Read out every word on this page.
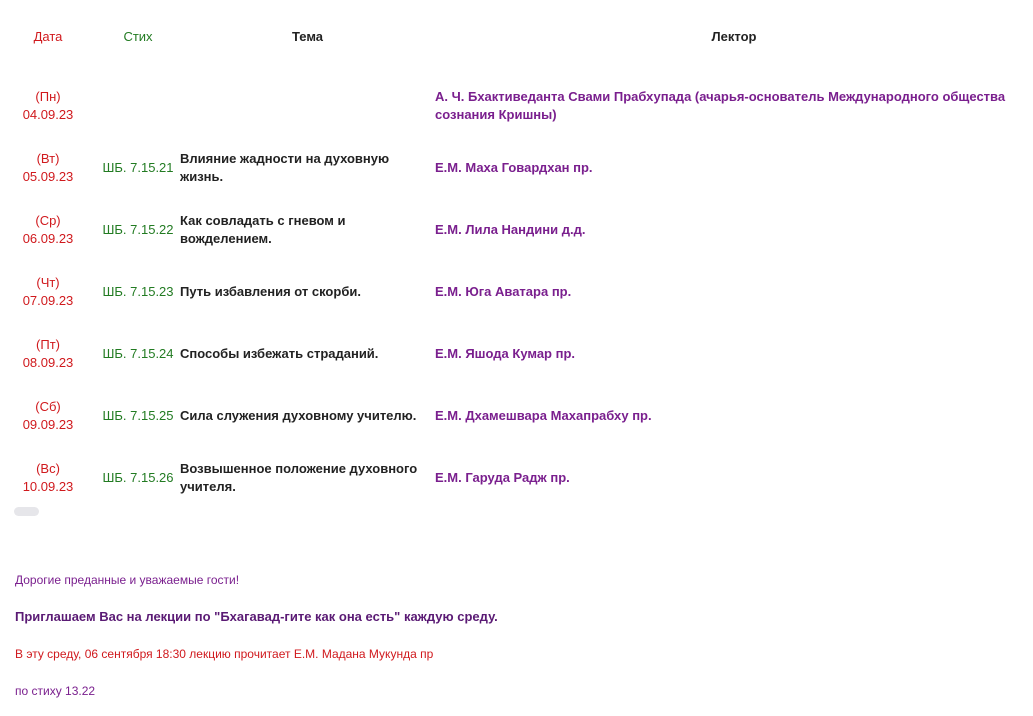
Дата	Стих	Тема	Лектор

(Пн)
04.09.23			А. Ч. Бхактиведанта Свами Прабхупада (ачарья-основатель Международного общества сознания Кришны)

(Вт)
05.09.23	ШБ. 7.15.21	Влияние жадности на духовную жизнь.	Е.М. Маха Говардхан пр.

(Ср)
06.09.23	ШБ. 7.15.22	Как совладать с гневом и вожделением.	Е.М. Лила Нандини д.д.

(Чт)
07.09.23	ШБ. 7.15.23	Путь избавления от скорби.	Е.М. Юга Аватара пр.

(Пт)
08.09.23	ШБ. 7.15.24	Способы избежать страданий.	Е.М. Яшода Кумар пр.

(Сб)
09.09.23	ШБ. 7.15.25	Сила служения духовному учителю.	Е.М. Дхамешвара Махапрабху пр.

(Вс)
10.09.23	ШБ. 7.15.26	Возвышенное положение духовного учителя.	Е.М. Гаруда Радж пр.

Дорогие преданные и уважаемые гости!

Приглашаем Вас на лекции по "Бхагавад-гите как она есть" каждую среду.

В эту среду, 06 сентября 18:30 лекцию прочитает Е.М. Мадана Мукунда пр

по стиху 13.22
